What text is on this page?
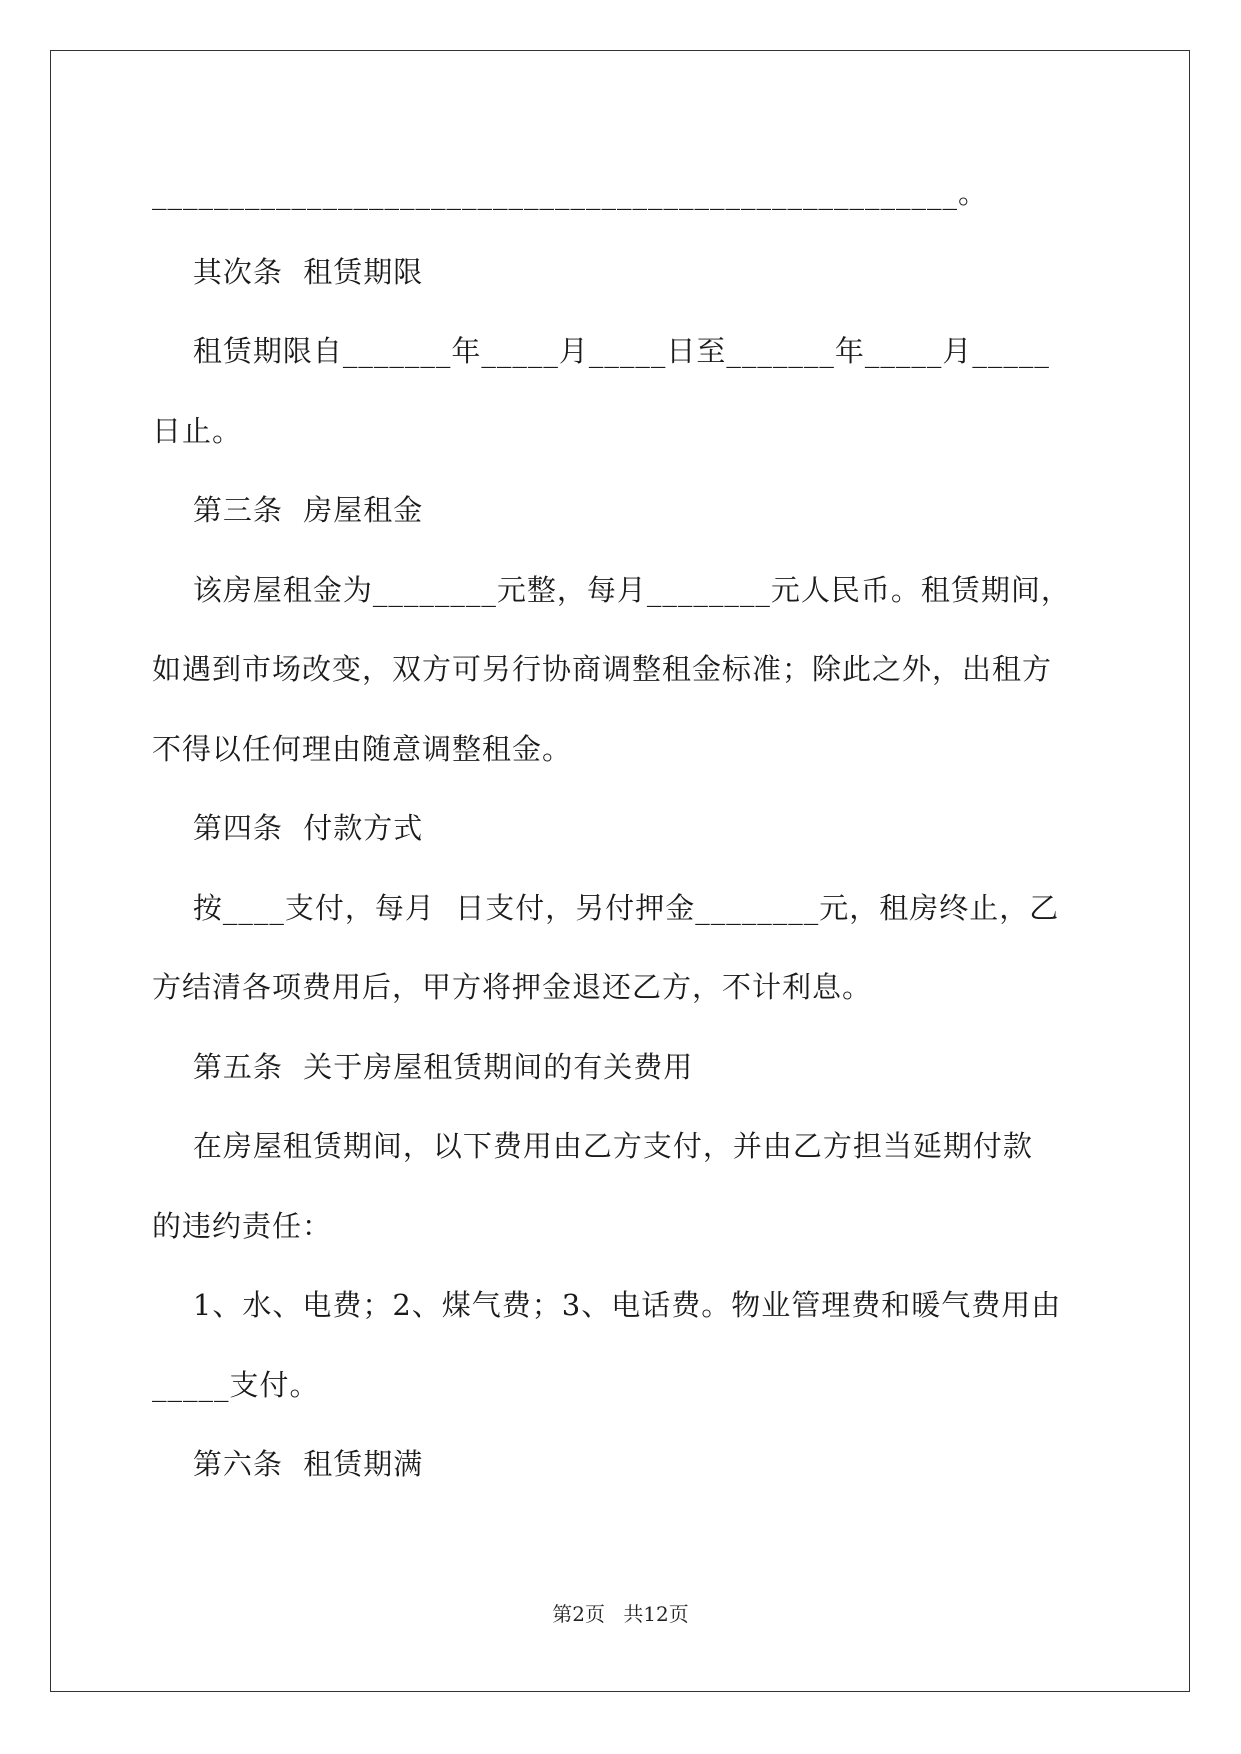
____________________________________________________。
其次条  租赁期限
租赁期限自_______年_____月_____日至_______年_____月_____
日止。
第三条  房屋租金
该房屋租金为________元整，每月________元人民币。租赁期间，
如遇到市场改变，双方可另行协商调整租金标准；除此之外，出租方
不得以任何理由随意调整租金。
第四条  付款方式
按____支付，每月  日支付，另付押金________元，租房终止，乙
方结清各项费用后，甲方将押金退还乙方，不计利息。
第五条  关于房屋租赁期间的有关费用
在房屋租赁期间，以下费用由乙方支付，并由乙方担当延期付款
的违约责任：
1、水、电费；2、煤气费；3、电话费。物业管理费和暖气费用由
_____支付。
第六条  租赁期满
第2页 共12页
